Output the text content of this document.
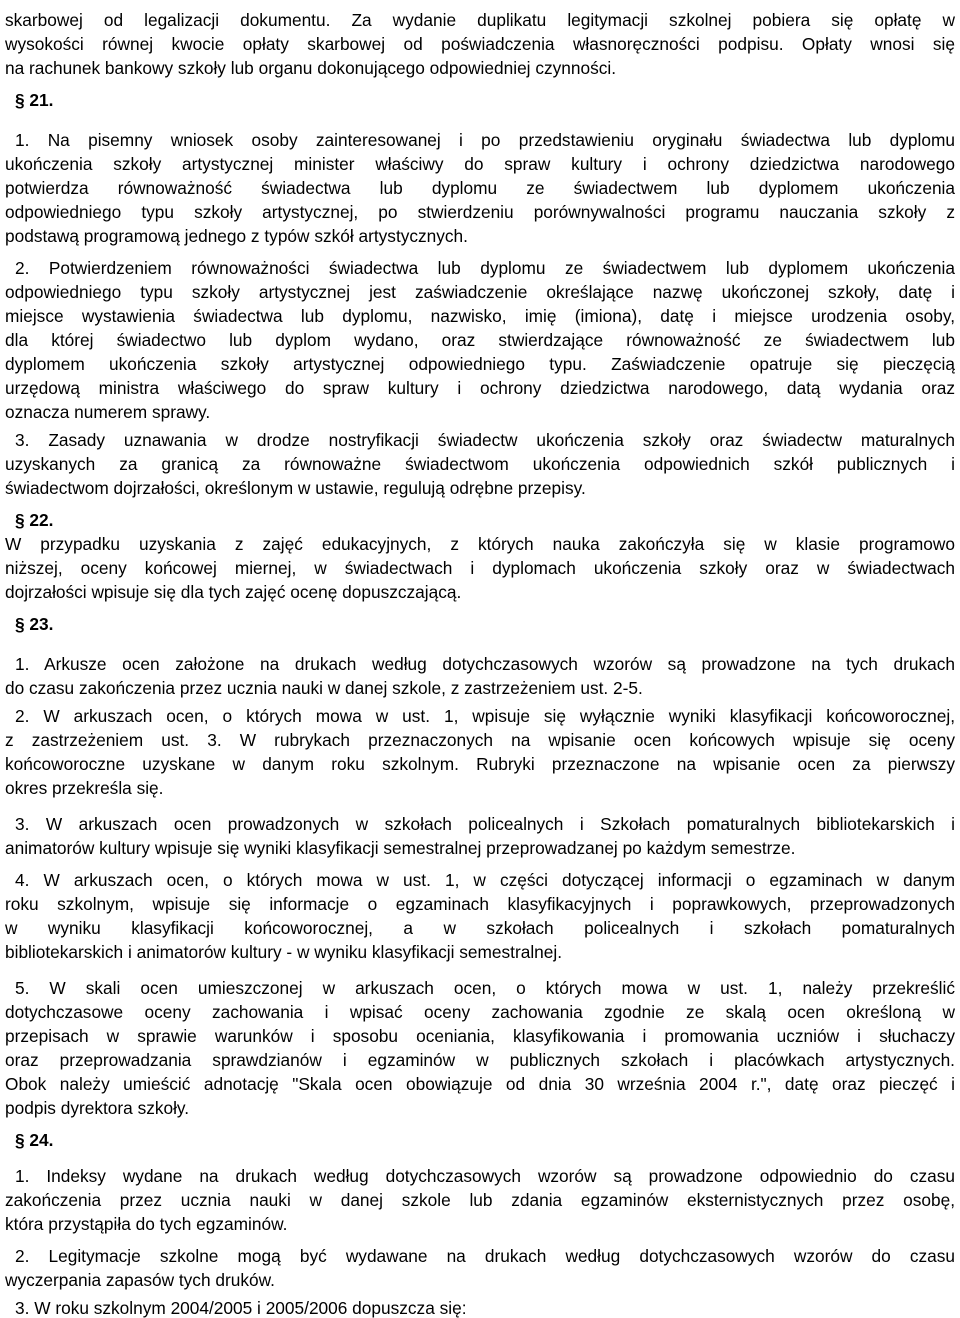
skarbowej od legalizacji dokumentu. Za wydanie duplikatu legitymacji szkolnej pobiera się opłatę w
wysokości równej kwocie opłaty skarbowej od poświadczenia własnoręczności podpisu. Opłaty wnosi się
na rachunek bankowy szkoły lub organu dokonującego odpowiedniej czynności.
§ 21.
1. Na pisemny wniosek osoby zainteresowanej i po przedstawieniu oryginału świadectwa lub dyplomu
ukończenia szkoły artystycznej minister właściwy do spraw kultury i ochrony dziedzictwa narodowego
potwierdza równoważność świadectwa lub dyplomu ze świadectwem lub dyplomem ukończenia
odpowiedniego typu szkoły artystycznej, po stwierdzeniu porównywalności programu nauczania szkoły z
podstawą programową jednego z typów szkół artystycznych.
2. Potwierdzeniem równoważności świadectwa lub dyplomu ze świadectwem lub dyplomem ukończenia
odpowiedniego typu szkoły artystycznej jest zaświadczenie określające nazwę ukończonej szkoły, datę i
miejsce wystawienia świadectwa lub dyplomu, nazwisko, imię (imiona), datę i miejsce urodzenia osoby,
dla której świadectwo lub dyplom wydano, oraz stwierdzające równoważność ze świadectwem lub
dyplomem ukończenia szkoły artystycznej odpowiedniego typu. Zaświadczenie opatruje się pieczęcią
urzędową ministra właściwego do spraw kultury i ochrony dziedzictwa narodowego, datą wydania oraz
oznacza numerem sprawy.
3. Zasady uznawania w drodze nostryfikacji świadectw ukończenia szkoły oraz świadectw maturalnych
uzyskanych za granicą za równoważne świadectwom ukończenia odpowiednich szkół publicznych i
świadectwom dojrzałości, określonym w ustawie, regulują odrębne przepisy.
§ 22.
W przypadku uzyskania z zajęć edukacyjnych, z których nauka zakończyła się w klasie programowo
niższej, oceny końcowej miernej, w świadectwach i dyplomach ukończenia szkoły oraz w świadectwach
dojrzałości wpisuje się dla tych zajęć ocenę dopuszczającą.
§ 23.
1. Arkusze ocen założone na drukach według dotychczasowych wzorów są prowadzone na tych drukach
do czasu zakończenia przez ucznia nauki w danej szkole, z zastrzeżeniem ust. 2-5.
2. W arkuszach ocen, o których mowa w ust. 1, wpisuje się wyłącznie wyniki klasyfikacji końcoworocznej,
z zastrzeżeniem ust. 3. W rubrykach przeznaczonych na wpisanie ocen końcowych wpisuje się oceny
końcoworoczne uzyskane w danym roku szkolnym. Rubryki przeznaczone na wpisanie ocen za pierwszy
okres przekreśla się.
3. W arkuszach ocen prowadzonych w szkołach policealnych i Szkołach pomaturalnych bibliotekarskich i
animatorów kultury wpisuje się wyniki klasyfikacji semestralnej przeprowadzanej po każdym semestrze.
4. W arkuszach ocen, o których mowa w ust. 1, w części dotyczącej informacji o egzaminach w danym
roku szkolnym, wpisuje się informacje o egzaminach klasyfikacyjnych i poprawkowych, przeprowadzonych
w wyniku klasyfikacji końcoworocznej, a w szkołach policealnych i szkołach pomaturalnych
bibliotekarskich i animatorów kultury - w wyniku klasyfikacji semestralnej.
5. W skali ocen umieszczonej w arkuszach ocen, o których mowa w ust. 1, należy przekreślić
dotychczasowe oceny zachowania i wpisać oceny zachowania zgodnie ze skalą ocen określoną w
przepisach w sprawie warunków i sposobu oceniania, klasyfikowania i promowania uczniów i słuchaczy
oraz przeprowadzania sprawdzianów i egzaminów w publicznych szkołach i placówkach artystycznych.
Obok należy umieścić adnotację "Skala ocen obowiązuje od dnia 30 września 2004 r.", datę oraz pieczęć i
podpis dyrektora szkoły.
§ 24.
1. Indeksy wydane na drukach według dotychczasowych wzorów są prowadzone odpowiednio do czasu
zakończenia przez ucznia nauki w danej szkole lub zdania egzaminów eksternistycznych przez osobę,
która przystąpiła do tych egzaminów.
2. Legitymacje szkolne mogą być wydawane na drukach według dotychczasowych wzorów do czasu
wyczerpania zapasów tych druków.
3. W roku szkolnym 2004/2005 i 2005/2006 dopuszcza się:
